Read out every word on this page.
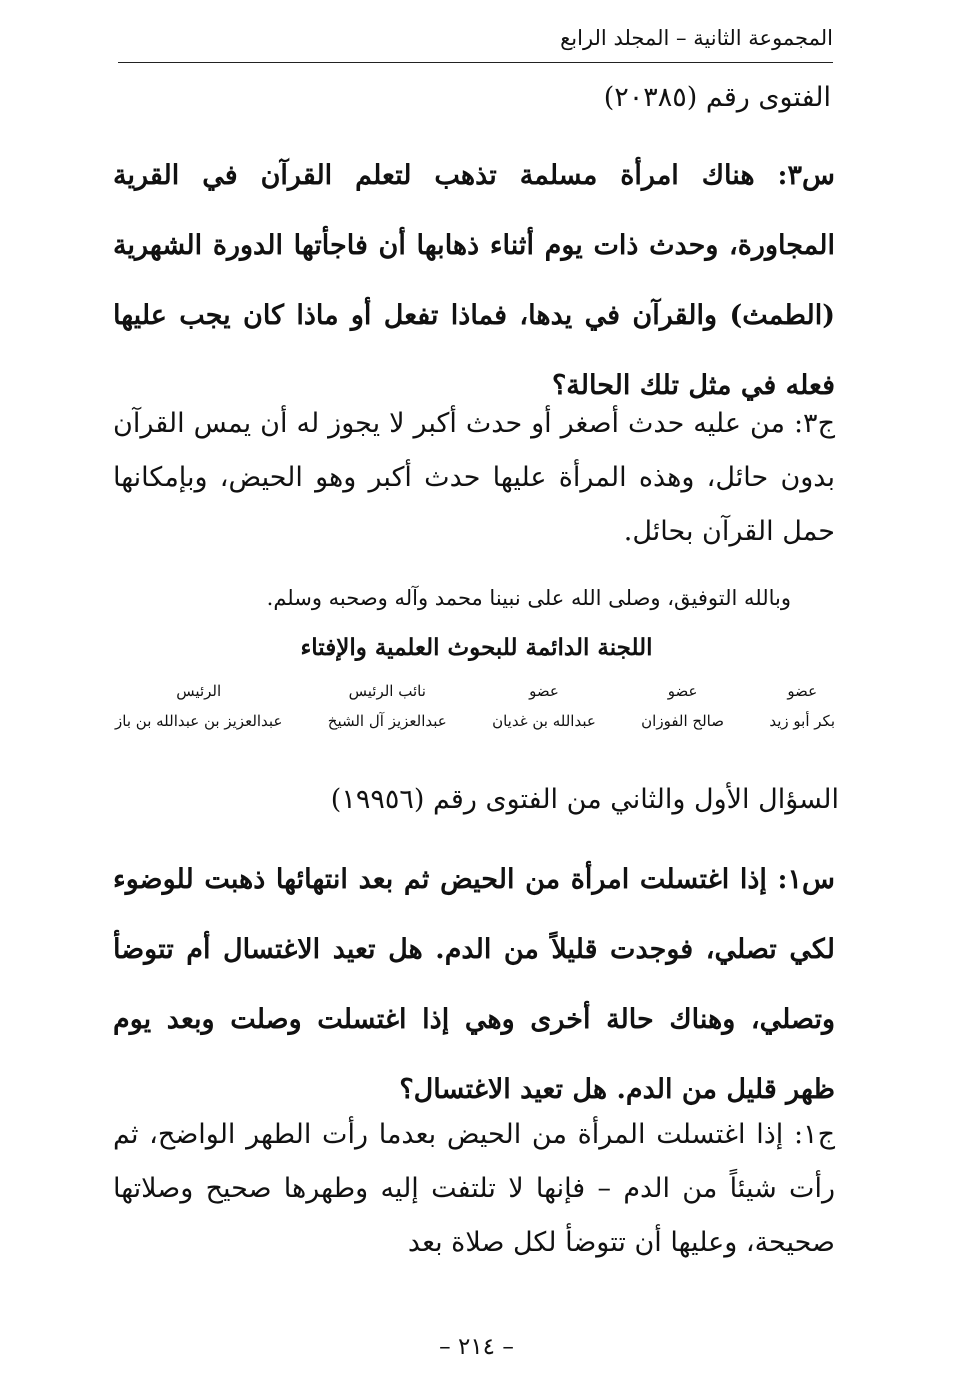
المجموعة الثانية – المجلد الرابع
الفتوى رقم (٢٠٣٨٥)
س٣: هناك امرأة مسلمة تذهب لتعلم القرآن في القرية المجاورة، وحدث ذات يوم أثناء ذهابها أن فاجأتها الدورة الشهرية (الطمث) والقرآن في يدها، فماذا تفعل أو ماذا كان يجب عليها فعله في مثل تلك الحالة؟
ج٣: من عليه حدث أصغر أو حدث أكبر لا يجوز له أن يمس القرآن بدون حائل، وهذه المرأة عليها حدث أكبر وهو الحيض، وبإمكانها حمل القرآن بحائل.
وبالله التوفيق، وصلى الله على نبينا محمد وآله وصحبه وسلم.
اللجنة الدائمة للبحوث العلمية والإفتاء
عضو
بكر أبو زيد
عضو
صالح الفوزان
عضو
عبدالله بن غديان
نائب الرئيس
عبدالعزيز آل الشيخ
الرئيس
عبدالعزيز بن عبدالله بن باز
السؤال الأول والثاني من الفتوى رقم (١٩٩٥٦)
س١: إذا اغتسلت امرأة من الحيض ثم بعد انتهائها ذهبت للوضوء لكي تصلي، فوجدت قليلاً من الدم. هل تعيد الاغتسال أم تتوضأ وتصلي، وهناك حالة أخرى وهي إذا اغتسلت وصلت وبعد يوم ظهر قليل من الدم. هل تعيد الاغتسال؟
ج١: إذا اغتسلت المرأة من الحيض بعدما رأت الطهر الواضح، ثم رأت شيئاً من الدم – فإنها لا تلتفت إليه وطهرها صحيح وصلاتها صحيحة، وعليها أن تتوضأ لكل صلاة بعد
– ٢١٤ –
